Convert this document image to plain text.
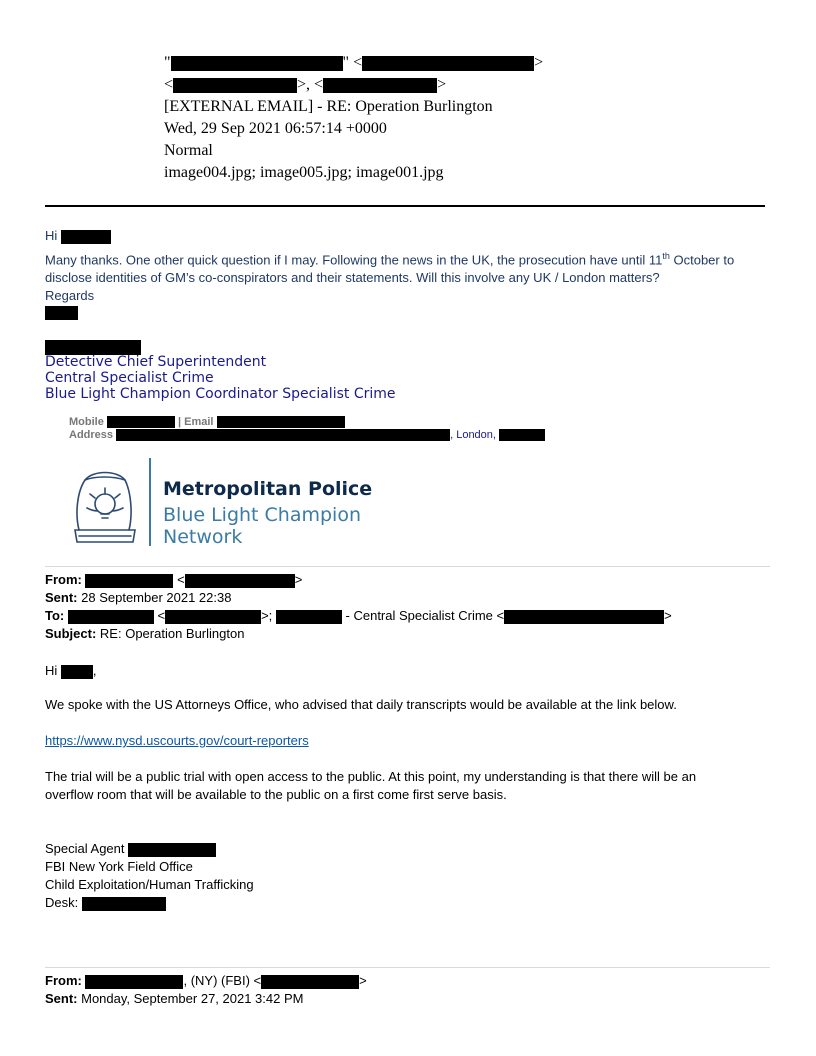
"	" <	>
<	>, <	>
[EXTERNAL EMAIL] - RE: Operation Burlington
Wed, 29 Sep 2021 06:57:14 +0000
Normal
image004.jpg; image005.jpg; image001.jpg
Hi
Many thanks. One other quick question if I may. Following the news in the UK, the prosecution have until 11th October to
disclose identities of GM’s co-conspirators and their statements. Will this involve any UK / London matters?
Regards
Detective Chief Superintendent
Central Specialist Crime
Blue Light Champion Coordinator Specialist Crime
Mobile	| Email
Address	, London,
Metropolitan Police
Blue Light Champion Network
From:	<	>
Sent: 28 September 2021 22:38
To:	<	>;	- Central Specialist Crime <	>
Subject: RE: Operation Burlington
Hi	,
We spoke with the US Attorneys Office, who advised that daily transcripts would be available at the link below.
https://www.nysd.uscourts.gov/court-reporters
The trial will be a public trial with open access to the public. At this point, my understanding is that there will be an
overflow room that will be available to the public on a first come first serve basis.
Special Agent
FBI New York Field Office
Child Exploitation/Human Trafficking
Desk:
From:	, (NY) (FBI) <	>
Sent: Monday, September 27, 2021 3:42 PM
